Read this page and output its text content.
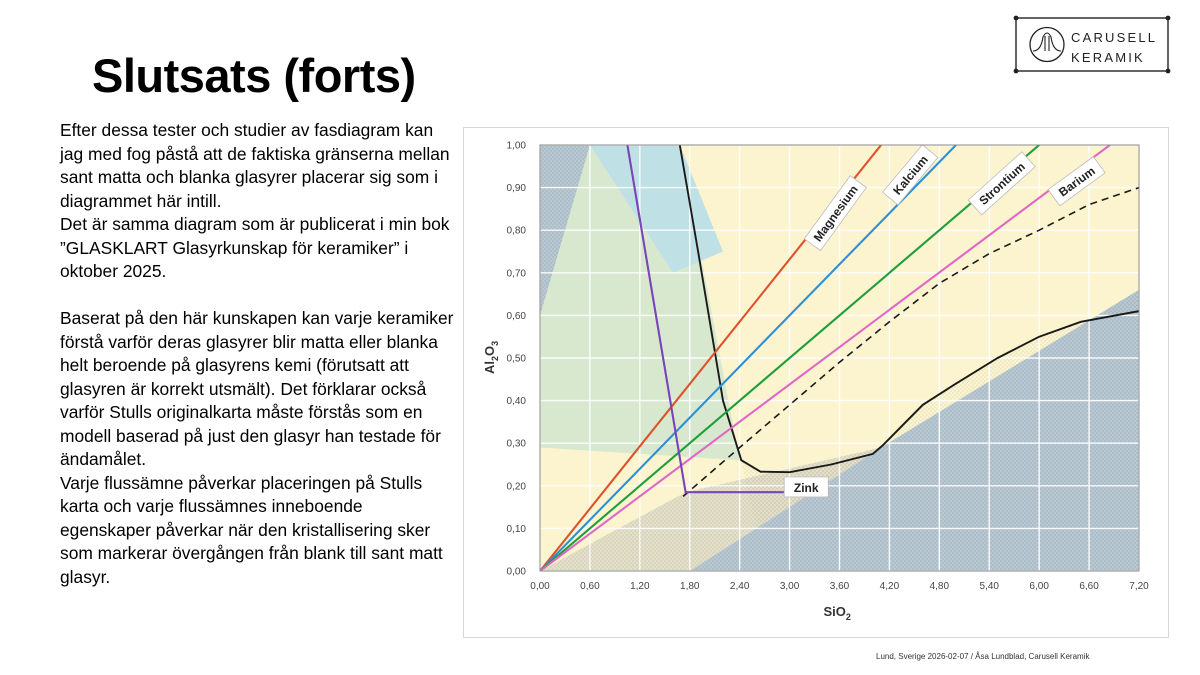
Slutsats (forts)

Efter dessa tester och studier av fasdiagram kan jag med fog påstå att de faktiska gränserna mellan sant matta och blanka glasyrer placerar sig som i diagrammet här intill.

Det är samma diagram som är publicerat i min bok ”GLASKLART Glasyrkunskap för keramiker” i oktober 2025.

Baserat på den här kunskapen kan varje keramiker förstå varför deras glasyrer blir matta eller blanka helt beroende på glasyrens kemi (förutsatt att glasyren är korrekt utsmält). Det förklarar också varför Stulls originalkarta måste förstås som en modell baserad på just den glasyr han testade för ändamålet.

Varje flussämne påverkar placeringen på Stulls karta och varje flussämnes inneboende egenskaper påverkar när den kristallisering sker som markerar övergången från blank till sant matt glasyr.

CARUSELL
KERAMIK
Magnesium
Kalcium	Strontium Barium
Zink
0,00	0,60	1,20	1,80	2,40	3,00	3,60	4,20	4,80	5,40	6,00	6,60	7,20
0,00
0,10
0,20
0,30
0,40
0,50
0,60
0,70
0,80
0,90
1,00
SiO$_2$
$Al_2O_3$
Lund, Sverige 2026-02-07 / Åsa Lundblad, Carusell Keramik
